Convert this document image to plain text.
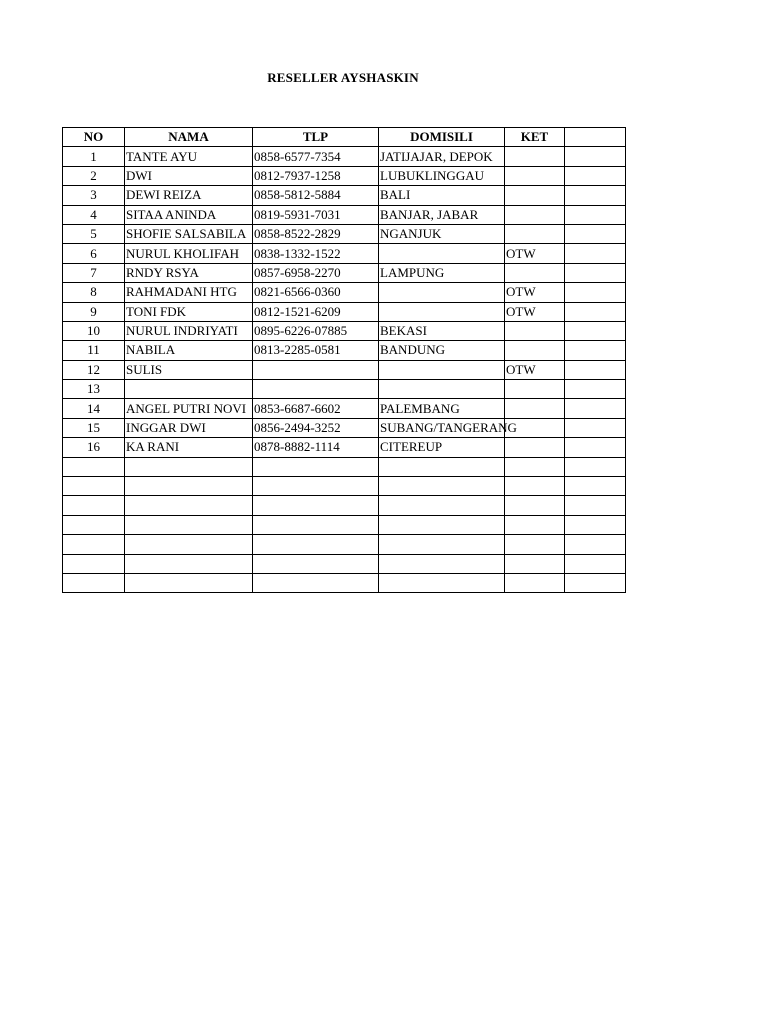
RESELLER AYSHASKIN
NO	NAMA	TLP	DOMISILI	KET	
1	TANTE AYU	0858-6577-7354	JATIJAJAR, DEPOK		
2	DWI	0812-7937-1258	LUBUKLINGGAU		
3	DEWI REIZA	0858-5812-5884	BALI		
4	SITAA ANINDA	0819-5931-7031	BANJAR, JABAR		
5	SHOFIE SALSABILA	0858-8522-2829	NGANJUK		
6	NURUL KHOLIFAH	0838-1332-1522		OTW	
7	RNDY RSYA	0857-6958-2270	LAMPUNG		
8	RAHMADANI HTG	0821-6566-0360		OTW	
9	TONI FDK	0812-1521-6209		OTW	
10	NURUL INDRIYATI	0895-6226-07885	BEKASI		
11	NABILA	0813-2285-0581	BANDUNG		
12	SULIS			OTW	
13					
14	ANGEL PUTRI NOVI	0853-6687-6602	PALEMBANG		
15	INGGAR DWI	0856-2494-3252	SUBANG/TANGERANG		
16	KA RANI	0878-8882-1114	CITEREUP		
